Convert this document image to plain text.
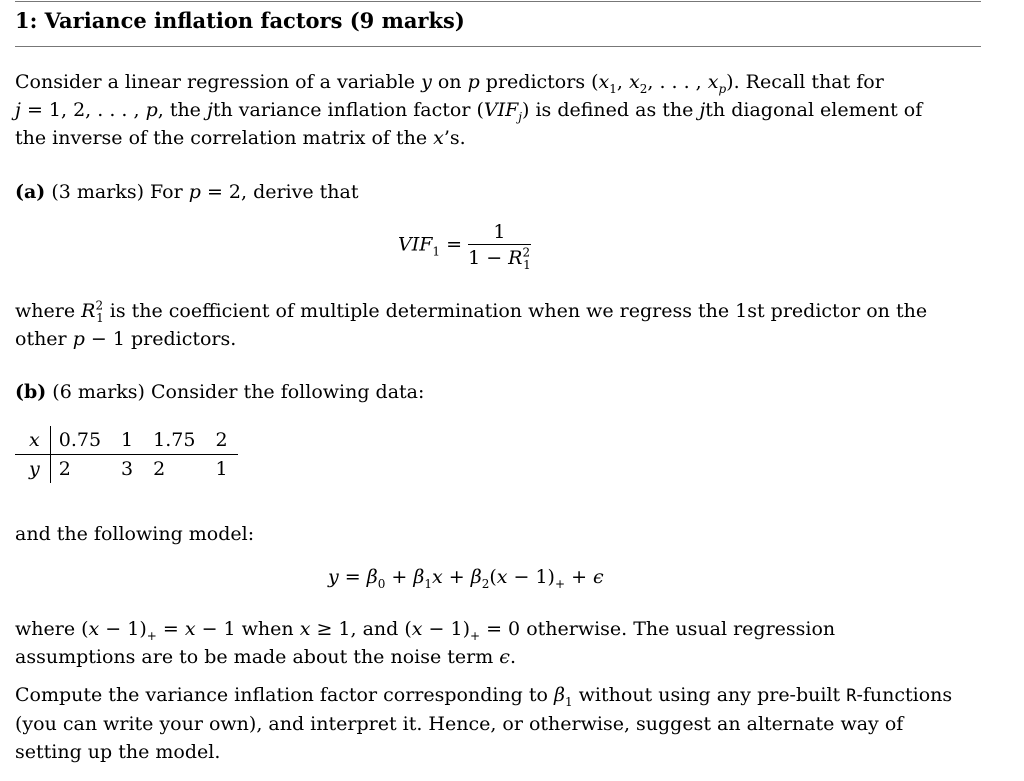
1: Variance inflation factors (9 marks)
Consider a linear regression of a variable y on p predictors ($x_1$, $x_2$, . . . , $x_p$). Recall that for
j = 1, 2, . . . , p, the jth variance inflation factor $(VIF_j)$ is defined as the jth diagonal element of
the inverse of the correlation matrix of the x’s.
(a) (3 marks) For p = 2, derive that
$VIF_1 = \frac{1}{1 - R^2_1}$
where $R^2_1$ is the coefficient of multiple determination when we regress the 1st predictor on the
other p − 1 predictors.
(b) (6 marks) Consider the following data:
x	0.75	1	1.75	2
y	2	3	2	1
and the following model:
$y = \beta_0 + \beta_1x + \beta_2(x - 1)_+ + \epsilon$
where $(x - 1)_+ = x - 1$ when x ≥ 1, and $(x - 1)_+ = 0$ otherwise. The usual regression
assumptions are to be made about the noise term ϵ.
Compute the variance inflation factor corresponding to $\beta_1$ without using any pre-built R-functions
(you can write your own), and interpret it. Hence, or otherwise, suggest an alternate way of
setting up the model.
